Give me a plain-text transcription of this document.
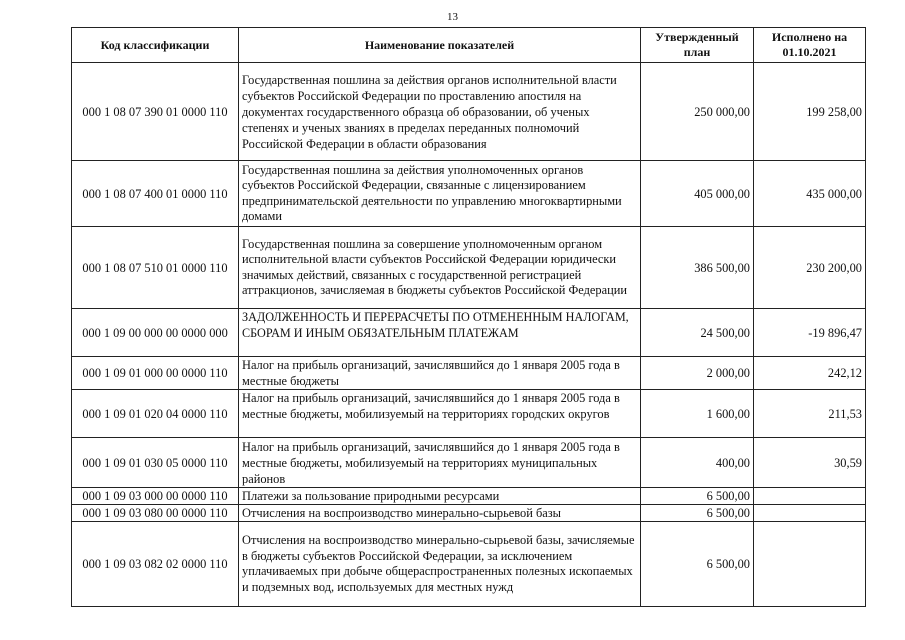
13
Код классификации	Наименование показателей	Утвержденный план	Исполнено на 01.10.2021
000 1 08 07 390 01 0000 110	Государственная пошлина за действия органов исполнительной власти субъектов Российской Федерации по проставлению апостиля на документах государственного образца об образовании, об ученых степенях и ученых званиях в пределах переданных полномочий Российской Федерации в области образования	250 000,00	199 258,00
000 1 08 07 400 01 0000 110	Государственная пошлина за действия уполномоченных органов субъектов Российской Федерации, связанные с лицензированием предпринимательской деятельности по управлению многоквартирными домами	405 000,00	435 000,00
000 1 08 07 510 01 0000 110	Государственная пошлина за совершение уполномоченным органом исполнительной власти субъектов Российской Федерации юридически значимых действий, связанных с государственной регистрацией аттракционов, зачисляемая в бюджеты субъектов Российской Федерации	386 500,00	230 200,00
000 1 09 00 000 00 0000 000	ЗАДОЛЖЕННОСТЬ И ПЕРЕРАСЧЕТЫ ПО ОТМЕНЕННЫМ НАЛОГАМ, СБОРАМ И ИНЫМ ОБЯЗАТЕЛЬНЫМ ПЛАТЕЖАМ	24 500,00	-19 896,47
000 1 09 01 000 00 0000 110	Налог на прибыль организаций, зачислявшийся до 1 января 2005 года в местные бюджеты	2 000,00	242,12
000 1 09 01 020 04 0000 110	Налог на прибыль организаций, зачислявшийся до 1 января 2005 года в местные бюджеты, мобилизуемый на территориях городских округов	1 600,00	211,53
000 1 09 01 030 05 0000 110	Налог на прибыль организаций, зачислявшийся до 1 января 2005 года в местные бюджеты, мобилизуемый на территориях муниципальных районов	400,00	30,59
000 1 09 03 000 00 0000 110	Платежи за пользование природными ресурсами	6 500,00	
000 1 09 03 080 00 0000 110	Отчисления на воспроизводство минерально-сырьевой базы	6 500,00	
000 1 09 03 082 02 0000 110	Отчисления на воспроизводство минерально-сырьевой базы, зачисляемые в бюджеты субъектов Российской Федерации, за исключением уплачиваемых при добыче общераспространенных полезных ископаемых и подземных вод, используемых для местных нужд	6 500,00	
